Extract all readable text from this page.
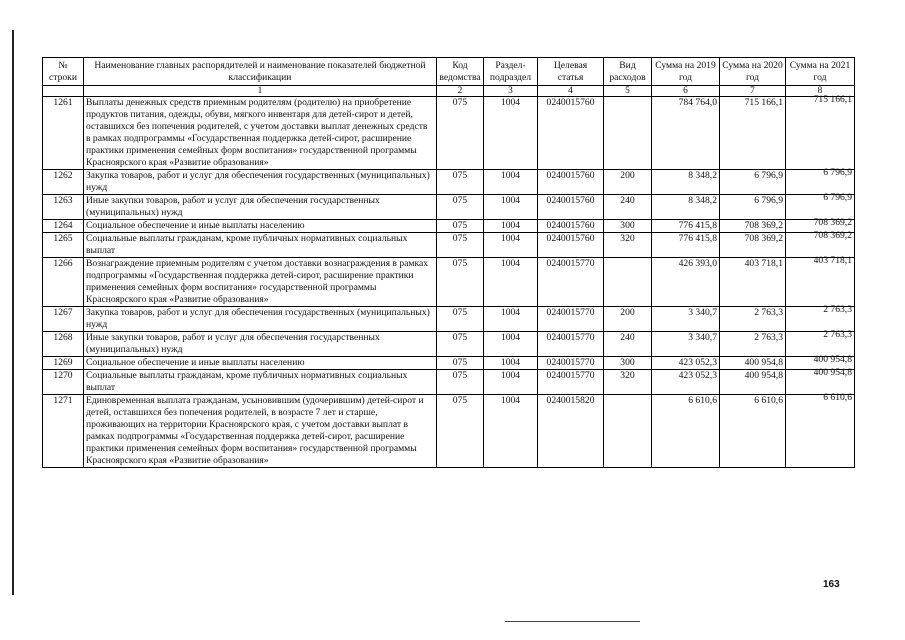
№ строки	Наименование главных распорядителей и наименование показателей бюджетной классификации	Код ведомства	Раздел-подраздел	Целевая статья	Вид расходов	Сумма на 2019 год	Сумма на 2020 год	Сумма на 2021 год
	1	2	3	4	5	6	7	8
1261	Выплаты денежных средств приемным родителям (родителю) на приобретение продуктов питания, одежды, обуви, мягкого инвентаря для детей-сирот и детей, оставшихся без попечения родителей, с учетом доставки выплат денежных средств в рамках подпрограммы «Государственная поддержка детей-сирот, расширение практики применения семейных форм воспитания» государственной программы Красноярского края «Развитие образования»	075	1004	0240015760		784 764,0	715 166,1	715 166,1
1262	Закупка товаров, работ и услуг для обеспечения государственных (муниципальных) нужд	075	1004	0240015760	200	8 348,2	6 796,9	6 796,9
1263	Иные закупки товаров, работ и услуг для обеспечения государственных (муниципальных) нужд	075	1004	0240015760	240	8 348,2	6 796,9	6 796,9
1264	Социальное обеспечение и иные выплаты населению	075	1004	0240015760	300	776 415,8	708 369,2	708 369,2
1265	Социальные выплаты гражданам, кроме публичных нормативных социальных выплат	075	1004	0240015760	320	776 415,8	708 369,2	708 369,2
1266	Вознаграждение приемным родителям с учетом доставки вознаграждения в рамках подпрограммы «Государственная поддержка детей-сирот, расширение практики применения семейных форм воспитания» государственной программы Красноярского края «Развитие образования»	075	1004	0240015770		426 393,0	403 718,1	403 718,1
1267	Закупка товаров, работ и услуг для обеспечения государственных (муниципальных) нужд	075	1004	0240015770	200	3 340,7	2 763,3	2 763,3
1268	Иные закупки товаров, работ и услуг для обеспечения государственных (муниципальных) нужд	075	1004	0240015770	240	3 340,7	2 763,3	2 763,3
1269	Социальное обеспечение и иные выплаты населению	075	1004	0240015770	300	423 052,3	400 954,8	400 954,8
1270	Социальные выплаты гражданам, кроме публичных нормативных социальных выплат	075	1004	0240015770	320	423 052,3	400 954,8	400 954,8
1271	Единовременная выплата гражданам, усыновившим (удочерившим) детей-сирот и детей, оставшихся без попечения родителей, в возрасте 7 лет и старше, проживающих на территории Красноярского края, с учетом доставки выплат в рамках подпрограммы «Государственная поддержка детей-сирот, расширение практики применения семейных форм воспитания» государственной программы Красноярского края «Развитие образования»	075	1004	0240015820		6 610,6	6 610,6	6 610,6
163
